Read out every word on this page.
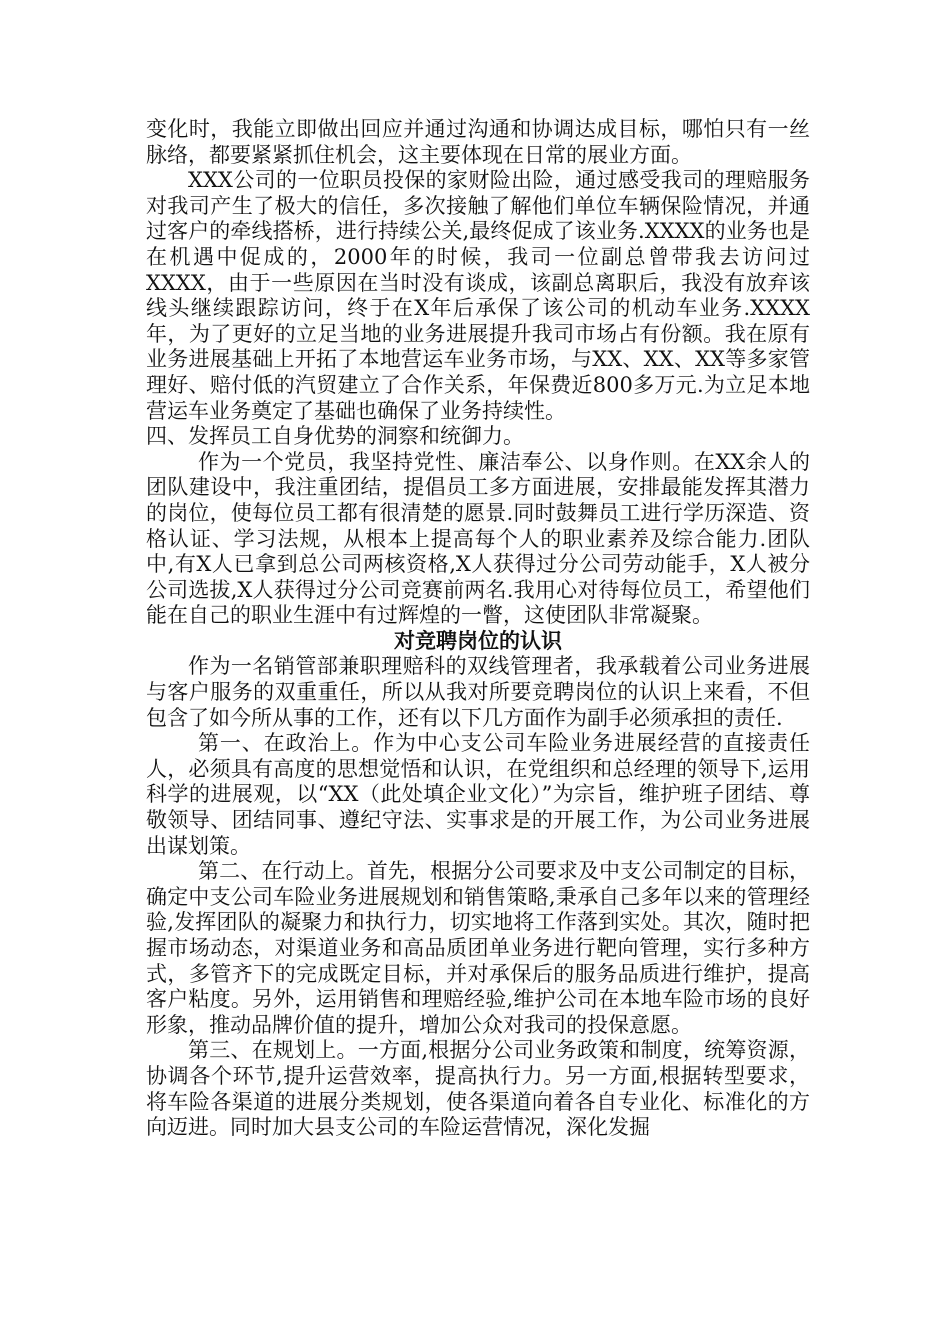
变化时，我能立即做出回应并通过沟通和协调达成目标，哪怕只有一丝脉络，都要紧紧抓住机会，这主要体现在日常的展业方面。

XXX公司的一位职员投保的家财险出险，通过感受我司的理赔服务对我司产生了极大的信任，多次接触了解他们单位车辆保险情况，并通过客户的牵线搭桥，进行持续公关,最终促成了该业务.XXXX的业务也是在机遇中促成的，2000年的时候，我司一位副总曾带我去访问过XXXX，由于一些原因在当时没有谈成，该副总离职后，我没有放弃该线头继续跟踪访问，终于在X年后承保了该公司的机动车业务.XXXX年，为了更好的立足当地的业务进展提升我司市场占有份额。我在原有业务进展基础上开拓了本地营运车业务市场，与XX、XX、XX等多家管理好、赔付低的汽贸建立了合作关系，年保费近800多万元.为立足本地营运车业务奠定了基础也确保了业务持续性。

四、发挥员工自身优势的洞察和统御力。

作为一个党员，我坚持党性、廉洁奉公、以身作则。在XX余人的团队建设中，我注重团结，提倡员工多方面进展，安排最能发挥其潜力的岗位，使每位员工都有很清楚的愿景.同时鼓舞员工进行学历深造、资格认证、学习法规，从根本上提高每个人的职业素养及综合能力.团队中,有X人已拿到总公司两核资格,X人获得过分公司劳动能手，X人被分公司选拔,X人获得过分公司竞赛前两名.我用心对待每位员工，希望他们能在自己的职业生涯中有过辉煌的一瞥，这使团队非常凝聚。

对竞聘岗位的认识

作为一名销管部兼职理赔科的双线管理者，我承载着公司业务进展与客户服务的双重重任，所以从我对所要竞聘岗位的认识上来看，不但包含了如今所从事的工作，还有以下几方面作为副手必须承担的责任.

第一、在政治上。作为中心支公司车险业务进展经营的直接责任人，必须具有高度的思想觉悟和认识，在党组织和总经理的领导下,运用科学的进展观，以“XX（此处填企业文化）”为宗旨，维护班子团结、尊敬领导、团结同事、遵纪守法、实事求是的开展工作，为公司业务进展出谋划策。

第二、在行动上。首先，根据分公司要求及中支公司制定的目标，确定中支公司车险业务进展规划和销售策略,秉承自己多年以来的管理经验,发挥团队的凝聚力和执行力，切实地将工作落到实处。其次，随时把握市场动态，对渠道业务和高品质团单业务进行靶向管理，实行多种方式，多管齐下的完成既定目标，并对承保后的服务品质进行维护，提高客户粘度。另外，运用销售和理赔经验,维护公司在本地车险市场的良好形象，推动品牌价值的提升，增加公众对我司的投保意愿。

第三、在规划上。一方面,根据分公司业务政策和制度，统筹资源，协调各个环节,提升运营效率，提高执行力。另一方面,根据转型要求，将车险各渠道的进展分类规划，使各渠道向着各自专业化、标准化的方向迈进。同时加大县支公司的车险运营情况，深化发掘
